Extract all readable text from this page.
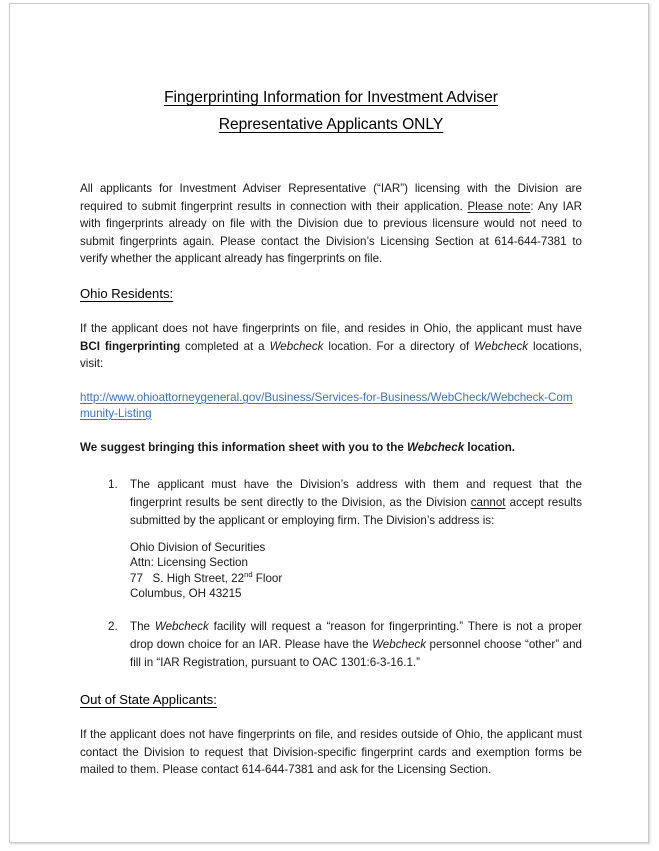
Fingerprinting Information for Investment Adviser
Representative Applicants ONLY

All applicants for Investment Adviser Representative (“IAR”) licensing with the Division are required to submit fingerprint results in connection with their application. Please note: Any IAR with fingerprints already on file with the Division due to previous licensure would not need to submit fingerprints again. Please contact the Division’s Licensing Section at 614-644-7381 to verify whether the applicant already has fingerprints on file.

Ohio Residents:

If the applicant does not have fingerprints on file, and resides in Ohio, the applicant must have BCI fingerprinting completed at a Webcheck location. For a directory of Webcheck locations, visit:

http://www.ohioattorneygeneral.gov/Business/Services-for-Business/WebCheck/Webcheck-Community-Listing

We suggest bringing this information sheet with you to the Webcheck location.

1.	The applicant must have the Division’s address with them and request that the fingerprint results be sent directly to the Division, as the Division cannot accept results submitted by the applicant or employing firm. The Division’s address is:
Ohio Division of Securities
Attn: Licensing Section
77   S. High Street, 22nd Floor
Columbus, OH 43215
2.	The Webcheck facility will request a “reason for fingerprinting.” There is not a proper drop down choice for an IAR. Please have the Webcheck personnel choose “other” and fill in “IAR Registration, pursuant to OAC 1301:6-3-16.1.”
Out of State Applicants:

If the applicant does not have fingerprints on file, and resides outside of Ohio, the applicant must contact the Division to request that Division-specific fingerprint cards and exemption forms be mailed to them. Please contact 614-644-7381 and ask for the Licensing Section.
